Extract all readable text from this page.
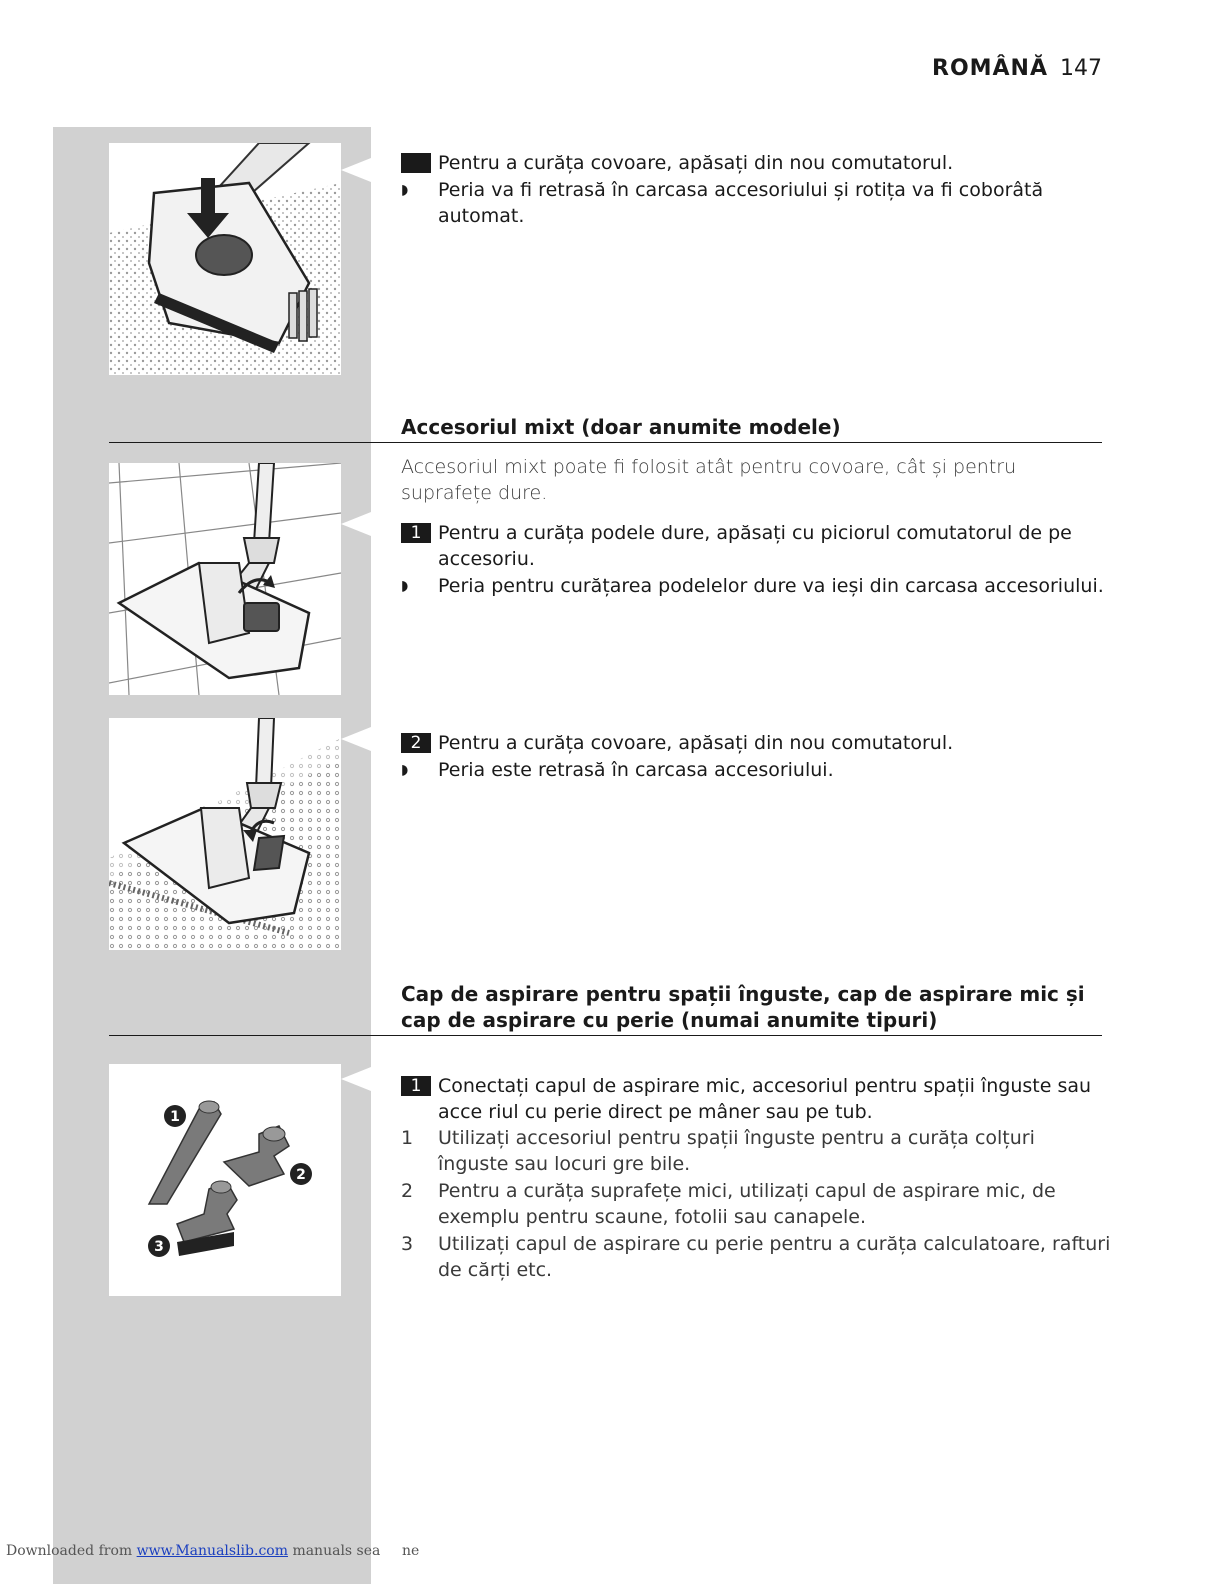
ROMÂNĂ 147
Pentru a curăța covoare, apăsați din nou comutatorul.
◗ Peria va fi retrasă în carcasa accesoriului și rotița va fi coborâtă automat.
Accesoriul mixt (doar anumite modele)
Accesoriul mixt poate fi folosit atât pentru covoare, cât și pentru suprafețe dure.
1 Pentru a curăța podele dure, apăsați cu piciorul comutatorul de pe accesoriu.
◗ Peria pentru curățarea podelelor dure va ieși din carcasa accesoriului.
2 Pentru a curăța covoare, apăsați din nou comutatorul.
◗ Peria este retrasă în carcasa accesoriului.
Cap de aspirare pentru spații înguste, cap de aspirare mic și cap de aspirare cu perie (numai anumite tipuri)
1
2
3
1 Conectați capul de aspirare mic, accesoriul pentru spații înguste sau acce riul cu perie direct pe mâner sau pe tub.
1 Utilizați accesoriul pentru spații înguste pentru a curăța colțuri înguste sau locuri gre bile.
2 Pentru a curăța suprafețe mici, utilizați capul de aspirare mic, de exemplu pentru scaune, fotolii sau canapele.
3 Utilizați capul de aspirare cu perie pentru a curăța calculatoare, rafturi de cărți etc.
Downloaded from www.Manualslib.com manuals sea ne
